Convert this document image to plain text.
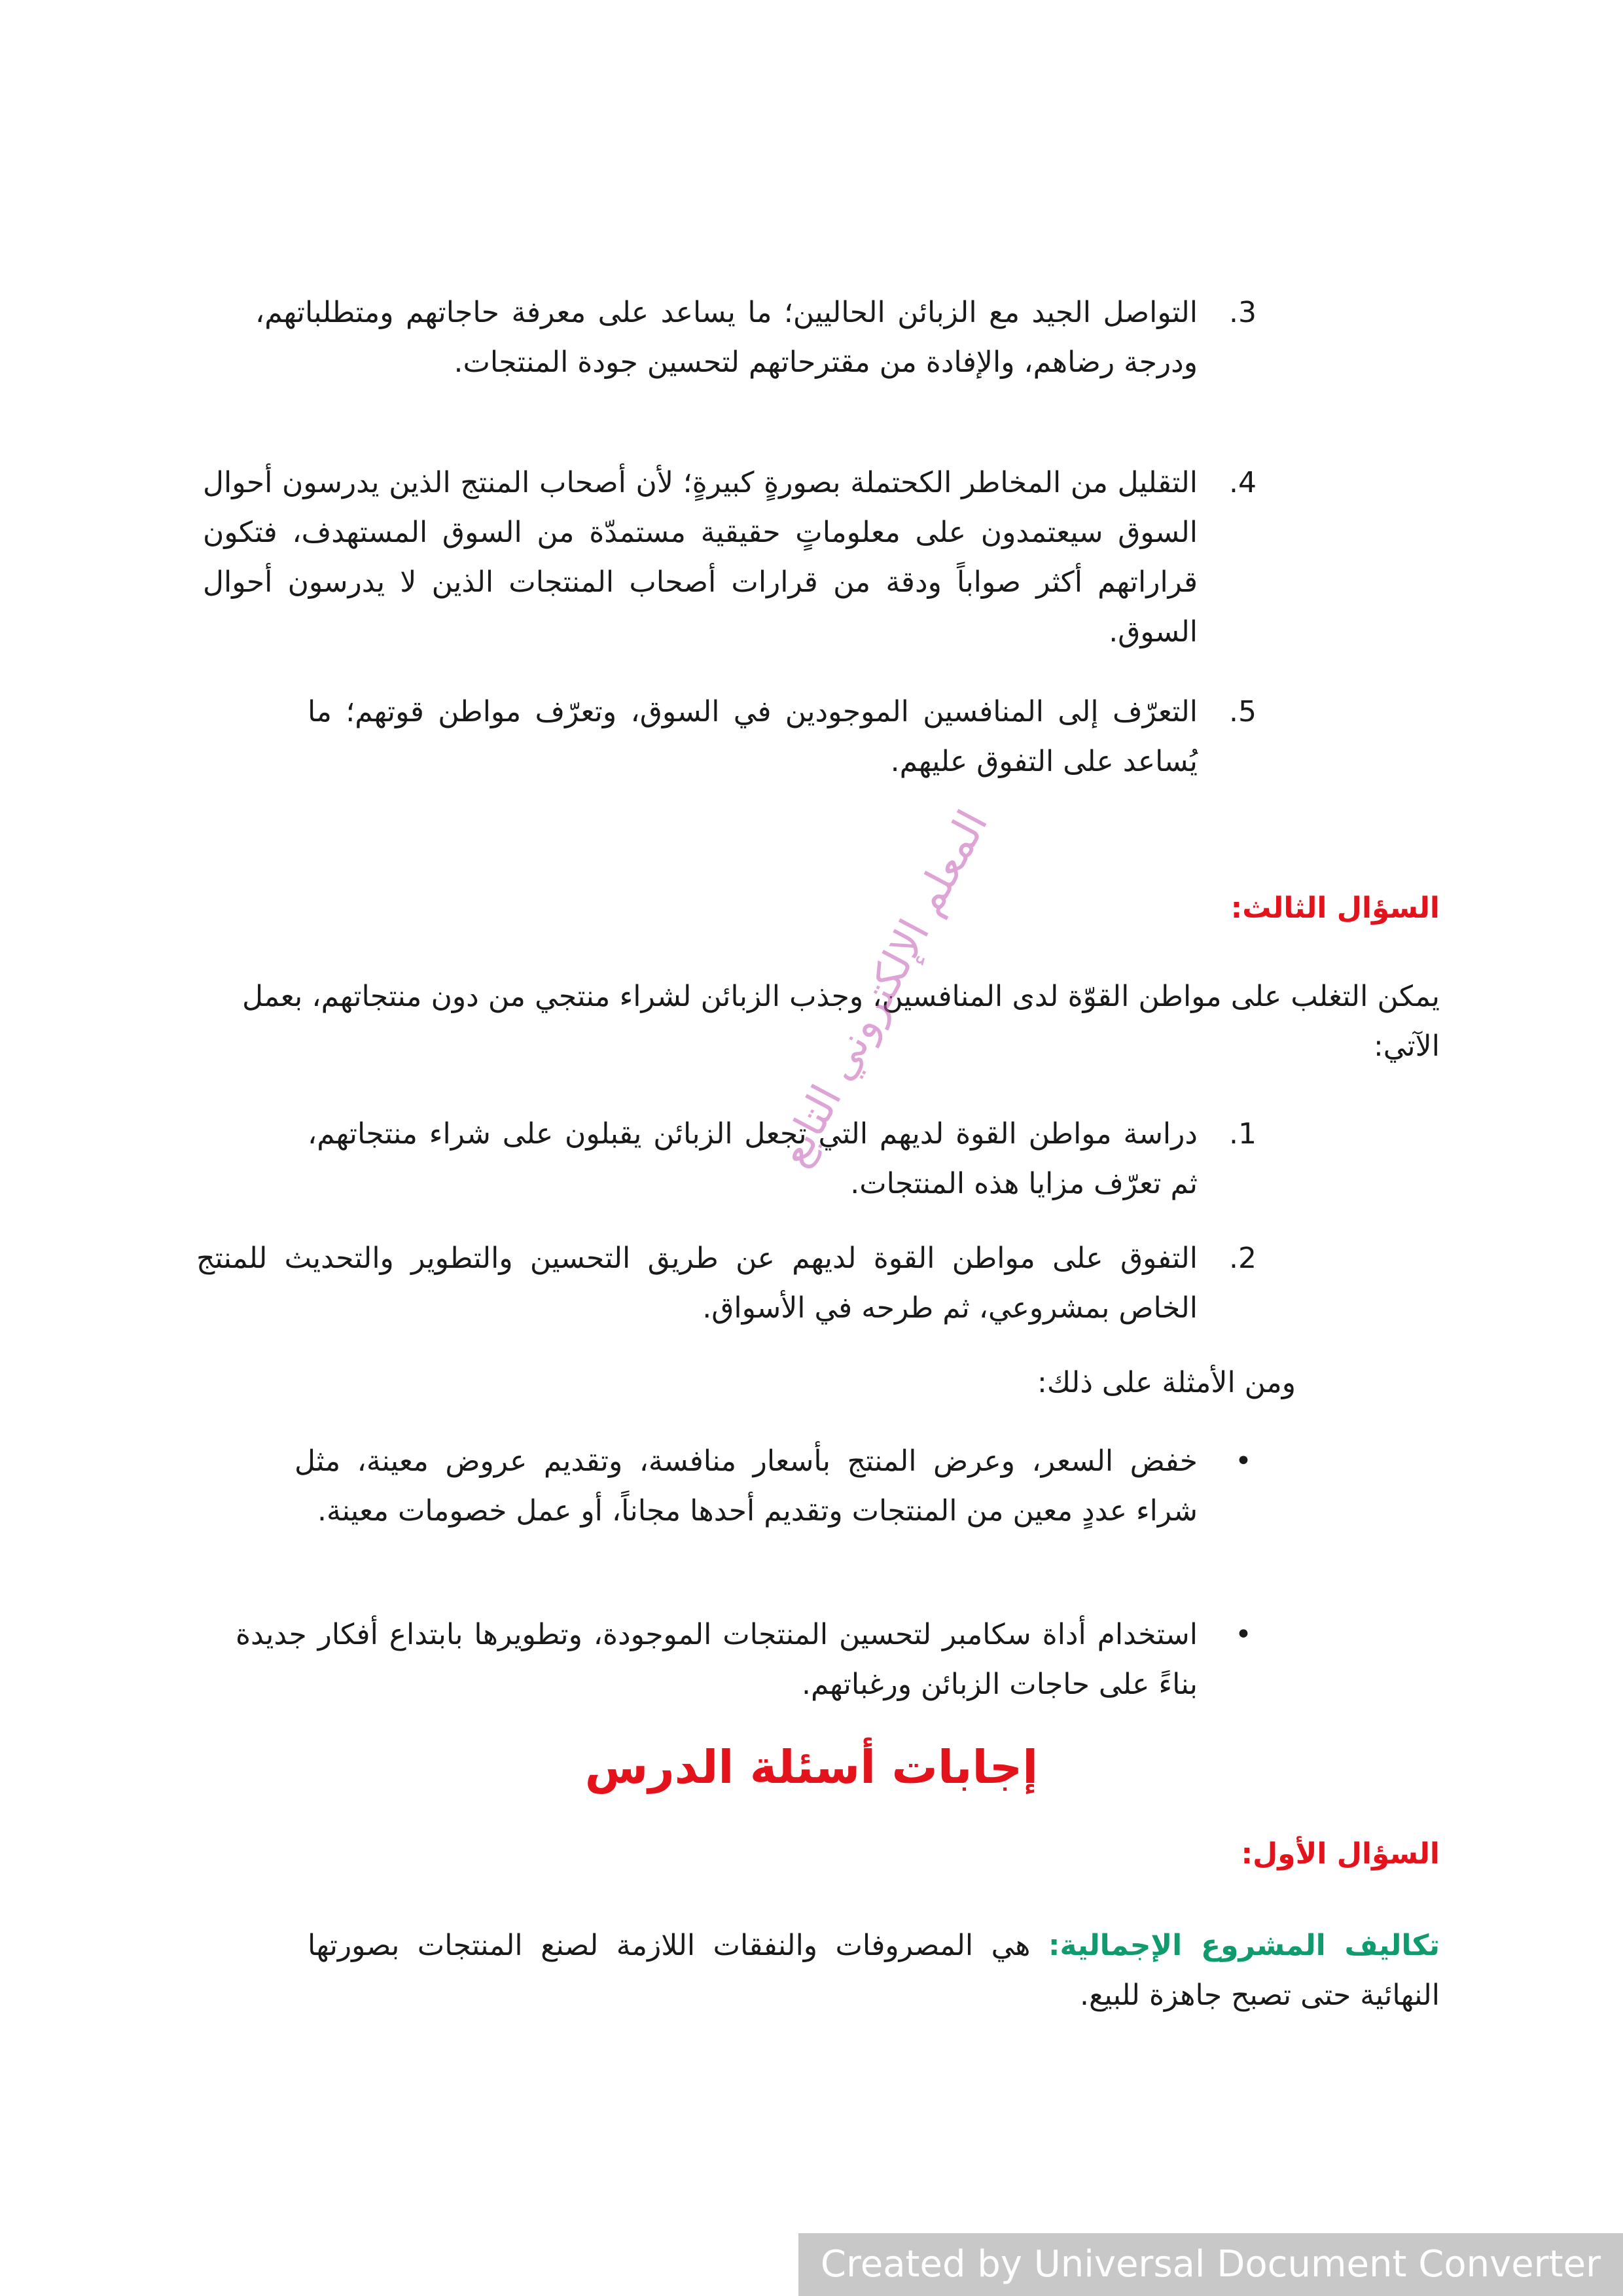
3.
التواصل الجيد مع الزبائن الحاليين؛ ما يساعد على معرفة حاجاتهم ومتطلباتهم، ودرجة رضاهم، والإفادة من مقترحاتهم لتحسين جودة المنتجات.
4.
التقليل من المخاطر الكحتملة بصورةٍ كبيرةٍ؛ لأن أصحاب المنتج الذين يدرسون أحوال السوق سيعتمدون على معلوماتٍ حقيقية مستمدّة من السوق المستهدف، فتكون قراراتهم أكثر صواباً ودقة من قرارات أصحاب المنتجات الذين لا يدرسون أحوال السوق.
5.
التعرّف إلى المنافسين الموجودين في السوق، وتعرّف مواطن قوتهم؛ ما يُساعد على التفوق عليهم.
السؤال الثالث:
يمكن التغلب على مواطن القوّة لدى المنافسين، وجذب الزبائن لشراء منتجي من دون منتجاتهم، بعمل الآتي:
1.
دراسة مواطن القوة لديهم التي تجعل الزبائن يقبلون على شراء منتجاتهم، ثم تعرّف مزايا هذه المنتجات.
2.
التفوق على مواطن القوة لديهم عن طريق التحسين والتطوير والتحديث للمنتج الخاص بمشروعي، ثم طرحه في الأسواق.
ومن الأمثلة على ذلك:
•
خفض السعر، وعرض المنتج بأسعار منافسة، وتقديم عروض معينة، مثل شراء عددٍ معين من المنتجات وتقديم أحدها مجاناً، أو عمل خصومات معينة.
•
استخدام أداة سكامبر لتحسين المنتجات الموجودة، وتطويرها بابتداع أفكار جديدة بناءً على حاجات الزبائن ورغباتهم.
إجابات أسئلة الدرس
السؤال الأول:
تكاليف المشروع الإجمالية: هي المصروفات والنفقات اللازمة لصنع المنتجات بصورتها النهائية حتى تصبح جاهزة للبيع.
المعلم الإلكتروني التابع
Created by Universal Document Converter
